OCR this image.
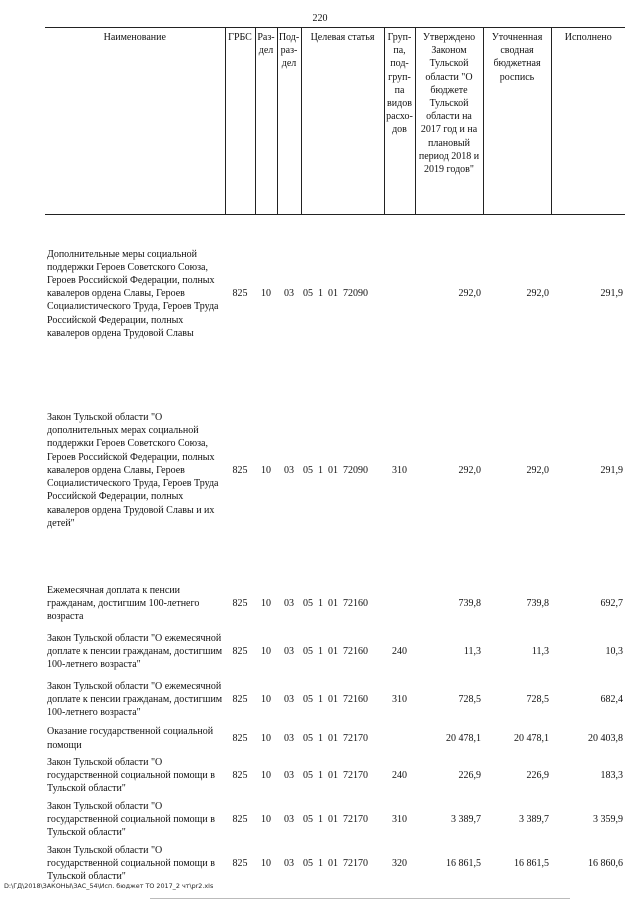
220
Наименование	ГРБС	Раз-дел	Под-раз-дел	Целевая статья	Груп-па, под-груп-па видов расхо-дов	Утверждено Законом Тульской области "О бюджете Тульской области на 2017 год и на плановый период 2018 и 2019 годов"	Уточненная сводная бюджетная роспись	Исполнено
Дополнительные меры социальной поддержки Героев Советского Союза, Героев Российской Федерации, полных кавалеров ордена Славы, Героев Социалистического Труда, Героев Труда Российской Федерации, полных кавалеров ордена Трудовой Славы	825	10	03	05 1 01 72090		292,0	292,0	291,9

Закон Тульской области "О дополнительных мерах социальной поддержки Героев Советского Союза, Героев Российской Федерации, полных кавалеров ордена Славы, Героев Социалистического Труда, Героев Труда Российской Федерации, полных кавалеров ордена Трудовой Славы и их детей"	825	10	03	05 1 01 72090	310	292,0	292,0	291,9

Ежемесячная доплата к пенсии гражданам, достигшим 100-летнего возраста	825	10	03	05 1 01 72160		739,8	739,8	692,7
Закон Тульской области "О ежемесячной доплате к пенсии гражданам, достигшим 100-летнего возраста"	825	10	03	05 1 01 72160	240	11,3	11,3	10,3
Закон Тульской области "О ежемесячной доплате к пенсии гражданам, достигшим 100-летнего возраста"	825	10	03	05 1 01 72160	310	728,5	728,5	682,4
Оказание государственной социальной помощи	825	10	03	05 1 01 72170		20 478,1	20 478,1	20 403,8
Закон Тульской области "О государственной социальной помощи в Тульской области"	825	10	03	05 1 01 72170	240	226,9	226,9	183,3
Закон Тульской области "О государственной социальной помощи в Тульской области"	825	10	03	05 1 01 72170	310	3 389,7	3 389,7	3 359,9
Закон Тульской области "О государственной социальной помощи в Тульской области"	825	10	03	05 1 01 72170	320	16 861,5	16 861,5	16 860,6
D:\ГД\2018\ЗАКОНЫ\ЗАС_54\Исп. бюджет ТО 2017_2 чт\pr2.xls
